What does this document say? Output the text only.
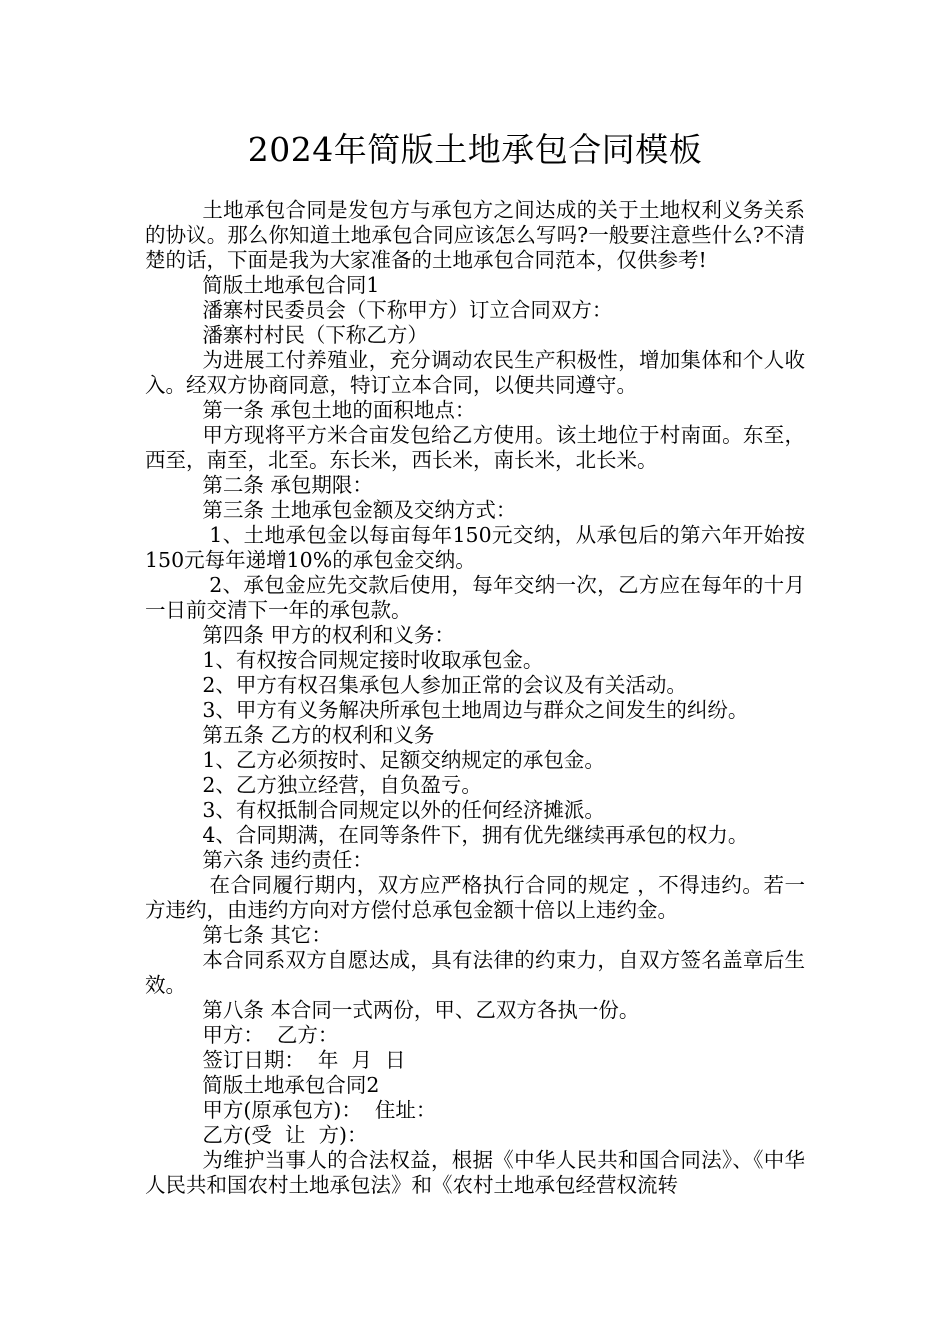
2024年简版土地承包合同模板

土地承包合同是发包方与承包方之间达成的关于土地权利义务关系的协议。那么你知道土地承包合同应该怎么写吗?一般要注意些什么?不清楚的话，下面是我为大家准备的土地承包合同范本，仅供参考!

简版土地承包合同1

潘寨村民委员会（下称甲方）订立合同双方：

潘寨村村民（下称乙方）

为进展工付养殖业，充分调动农民生产积极性，增加集体和个人收入。经双方协商同意，特订立本合同，以便共同遵守。

第一条 承包土地的面积地点：

甲方现将平方米合亩发包给乙方使用。该土地位于村南面。东至，西至，南至，北至。东长米，西长米，南长米，北长米。

第二条 承包期限：

第三条 土地承包金额及交纳方式：

1、土地承包金以每亩每年150元交纳，从承包后的第六年开始按150元每年递增10%的承包金交纳。

2、承包金应先交款后使用，每年交纳一次，乙方应在每年的十月一日前交清下一年的承包款。

第四条 甲方的权利和义务：

1、有权按合同规定接时收取承包金。

2、甲方有权召集承包人参加正常的会议及有关活动。

3、甲方有义务解决所承包土地周边与群众之间发生的纠纷。

第五条 乙方的权利和义务

1、乙方必须按时、足额交纳规定的承包金。

2、乙方独立经营，自负盈亏。

3、有权抵制合同规定以外的任何经济摊派。

4、合同期满，在同等条件下，拥有优先继续再承包的权力。

第六条 违约责任：

在合同履行期内，双方应严格执行合同的规定 ，不得违约。若一方违约，由违约方向对方偿付总承包金额十倍以上违约金。

第七条 其它：

本合同系双方自愿达成，具有法律的约束力，自双方签名盖章后生效。

第八条 本合同一式两份，甲、乙双方各执一份。

甲方：  乙方：

签订日期：  年  月  日

简版土地承包合同2

甲方(原承包方)：  住址：

乙方(受  让  方)：

为维护当事人的合法权益，根据《中华人民共和国合同法》、《中华人民共和国农村土地承包法》和《农村土地承包经营权流转
